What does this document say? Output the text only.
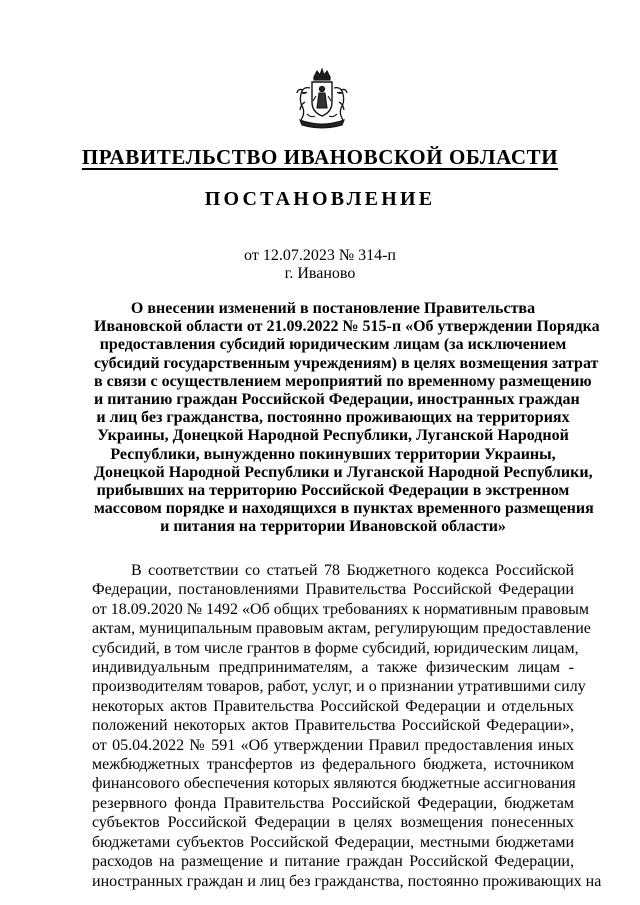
ПРАВИТЕЛЬСТВО ИВАНОВСКОЙ ОБЛАСТИ
ПОСТАНОВЛЕНИЕ
от 12.07.2023 № 314-п
г. Иваново
О внесении изменений в постановление Правительства
Ивановской области от 21.09.2022 № 515-п «Об утверждении Порядка
предоставления субсидий юридическим лицам (за исключением
субсидий государственным учреждениям) в целях возмещения затрат
в связи с осуществлением мероприятий по временному размещению
и питанию граждан Российской Федерации, иностранных граждан
и лиц без гражданства, постоянно проживающих на территориях
Украины, Донецкой Народной Республики, Луганской Народной
Республики, вынужденно покинувших территории Украины,
Донецкой Народной Республики и Луганской Народной Республики,
прибывших на территорию Российской Федерации в экстренном
массовом порядке и находящихся в пунктах временного размещения
и питания на территории Ивановской области»
В соответствии со статьей 78 Бюджетного кодекса Российской
Федерации, постановлениями Правительства Российской Федерации
от 18.09.2020 № 1492 «Об общих требованиях к нормативным правовым
актам, муниципальным правовым актам, регулирующим предоставление
субсидий, в том числе грантов в форме субсидий, юридическим лицам,
индивидуальным предпринимателям, а также физическим лицам -
производителям товаров, работ, услуг, и о признании утратившими силу
некоторых актов Правительства Российской Федерации и отдельных
положений некоторых актов Правительства Российской Федерации»,
от 05.04.2022 № 591 «Об утверждении Правил предоставления иных
межбюджетных трансфертов из федерального бюджета, источником
финансового обеспечения которых являются бюджетные ассигнования
резервного фонда Правительства Российской Федерации, бюджетам
субъектов Российской Федерации в целях возмещения понесенных
бюджетами субъектов Российской Федерации, местными бюджетами
расходов на размещение и питание граждан Российской Федерации,
иностранных граждан и лиц без гражданства, постоянно проживающих на
